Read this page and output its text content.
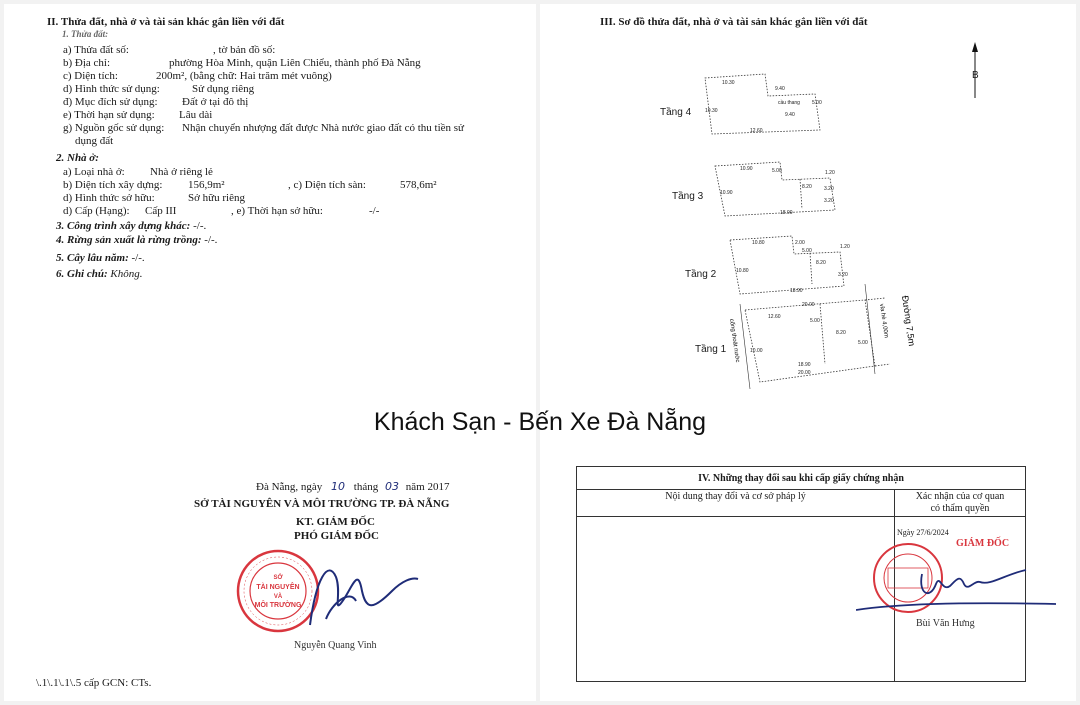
II. Thửa đất, nhà ở và tài sản khác gắn liền với đất
1. Thửa đất:
a) Thửa đất số:	, tờ bản đồ số:
b) Địa chỉ:	phường Hòa Minh, quận Liên Chiểu, thành phố Đà Nẵng
c) Diện tích:	200m², (bằng chữ: Hai trăm mét vuông)
d) Hình thức sử dụng:	Sử dụng riêng
đ) Mục đích sử dụng: Đất ở tại đô thị
e) Thời hạn sử dụng: Lâu dài
g) Nguồn gốc sử dụng: Nhận chuyển nhượng đất được Nhà nước giao đất có thu tiền sử
dụng đất
2. Nhà ở:
a) Loại nhà ở: Nhà ở riêng lẻ
b) Diện tích xây dựng: 156,9m²	, c) Diện tích sàn:	578,6m²
d) Hình thức sở hữu:	Sở hữu riêng
d) Cấp (Hạng): Cấp III	, e) Thời hạn sở hữu:	-/-
3. Công trình xây dựng khác: -/-.
4. Rừng sản xuất là rừng trồng: -/-.
5. Cây lâu năm: -/-.
6. Ghi chú: Không.
Đà Nẵng, ngày 10 tháng 03 năm 2017
SỞ TÀI NGUYÊN VÀ MÔI TRƯỜNG TP. ĐÀ NẴNG
KT. GIÁM ĐỐC
PHÓ GIÁM ĐỐC
SỞ
TÀI NGUYÊN
VÀ
MÔI TRƯỜNG
Nguyễn Quang Vinh
\.1\.1\.1\.5 cấp GCN: CTs.
III. Sơ đồ thửa đất, nhà ở và tài sản khác gắn liền với đất
B
Tầng 4
Tầng 3
Tầng 2
Tầng 1
10.30
9.40
cầu thang 5.00
10.30
12.60
9.40
10.90	5.00	1.20
8.20 3.20
3.20
18.90
10.90
10.80	2.00
5.00
1.20
8.20
3.20
10.80
18.90
20.00
12.60
5.00
8.20
5.00
10.00
18.90
20.00
vỉa hè 4,00m Đường 7,5m
cống thoát nước
IV. Những thay đổi sau khi cấp giấy chứng nhận	
Nội dung thay đổi và cơ sở pháp lý	Xác nhận của cơ quan
có thẩm quyền

Ngày 27/6/2024
GIÁM ĐỐC
Bùi Văn Hưng
Khách Sạn - Bến Xe Đà Nẵng
